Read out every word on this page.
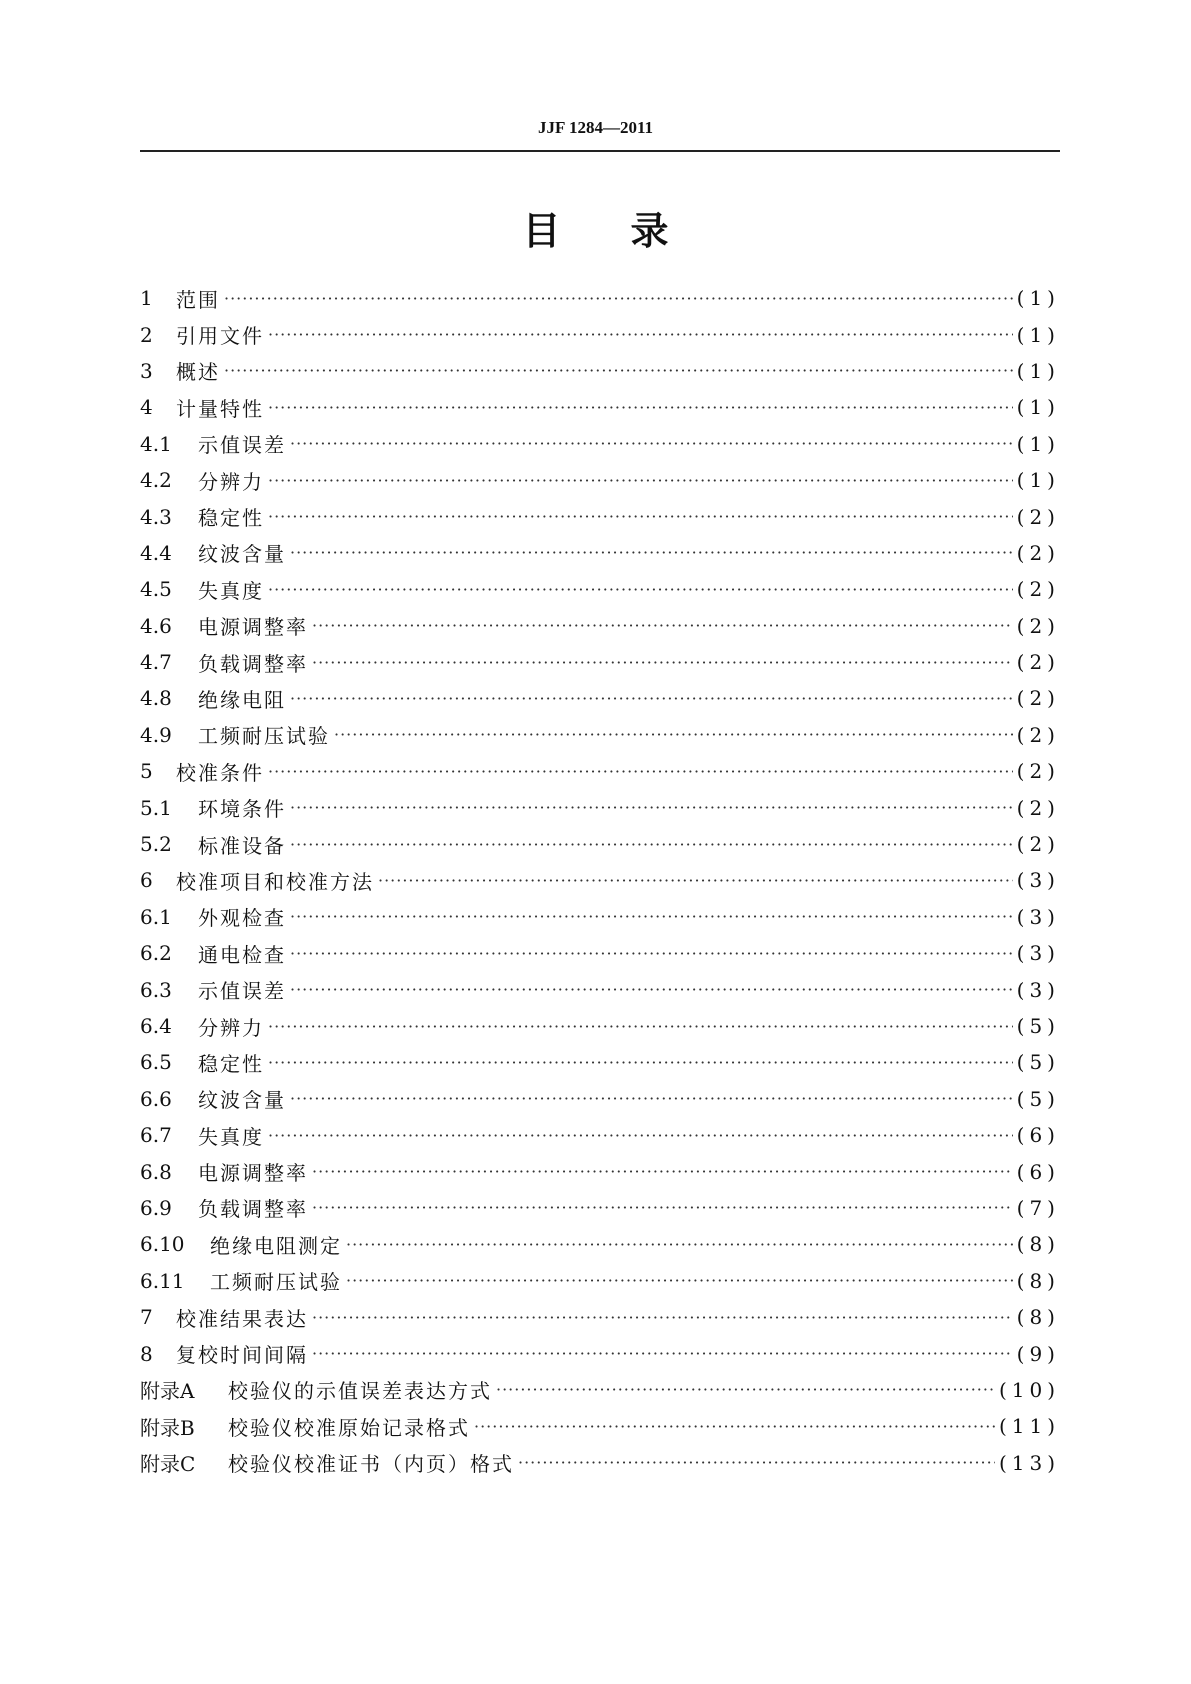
JJF 1284—2011
目录
1	范围 ·····	(1)
2	引用文件 ·····	(1)
3	概述 ·····	(1)
4	计量特性 ·····	(1)
4.1	示值误差 ·····	(1)
4.2	分辨力 ·····	(1)
4.3	稳定性 ·····	(2)
4.4	纹波含量 ·····	(2)
4.5	失真度 ·····	(2)
4.6	电源调整率 ·····	(2)
4.7	负载调整率 ·····	(2)
4.8	绝缘电阻 ·····	(2)
4.9	工频耐压试验 ·····	(2)
5	校准条件 ·····	(2)
5.1	环境条件 ·····	(2)
5.2	标准设备 ·····	(2)
6	校准项目和校准方法 ·····	(3)
6.1	外观检查 ·····	(3)
6.2	通电检查 ·····	(3)
6.3	示值误差 ·····	(3)
6.4	分辨力 ·····	(5)
6.5	稳定性 ·····	(5)
6.6	纹波含量 ·····	(5)
6.7	失真度 ·····	(6)
6.8	电源调整率 ·····	(6)
6.9	负载调整率 ·····	(7)
6.10	绝缘电阻测定 ·····	(8)
6.11	工频耐压试验 ·····	(8)
7	校准结果表达 ·····	(8)
8	复校时间间隔 ·····	(9)
附录A	校验仪的示值误差表达方式 ·····	(10)
附录B	校验仪校准原始记录格式 ·····	(11)
附录C	校验仪校准证书（内页）格式 ·····	(13)
